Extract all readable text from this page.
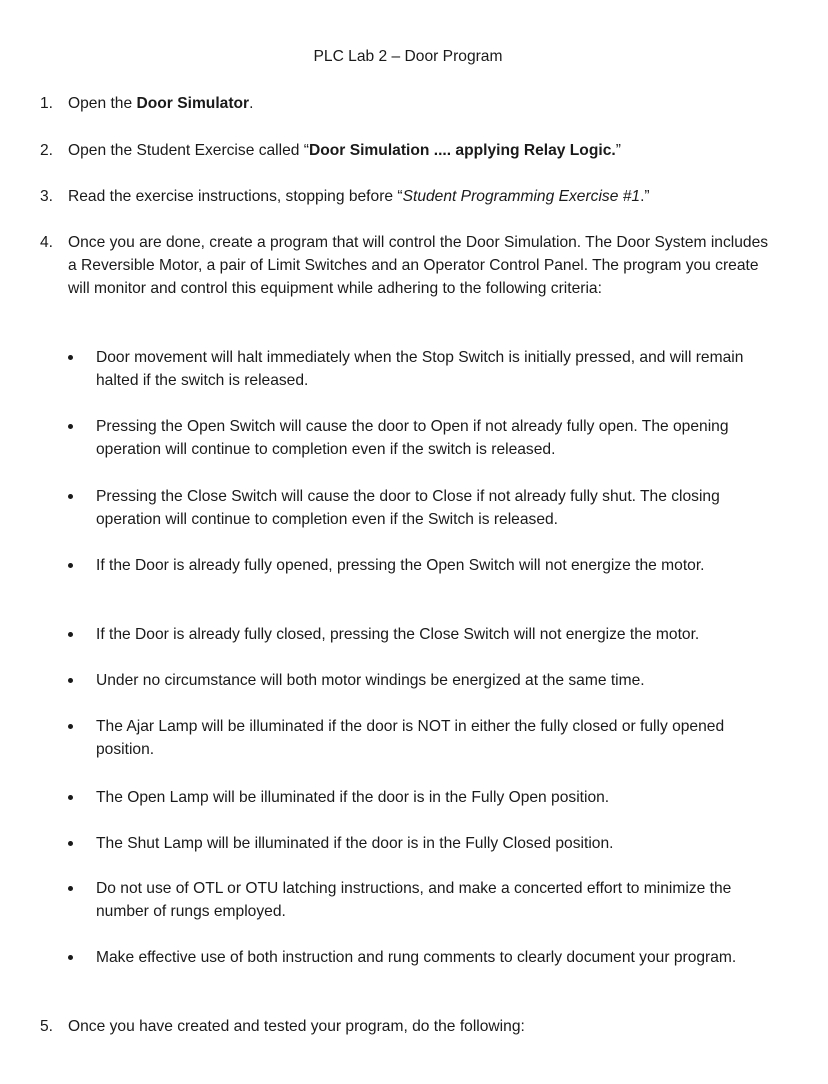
PLC Lab 2 – Door Program
1. Open the Door Simulator.
2. Open the Student Exercise called “Door Simulation .... applying Relay Logic.”
3. Read the exercise instructions, stopping before “Student Programming Exercise #1.”
4. Once you are done, create a program that will control the Door Simulation. The Door System includes a Reversible Motor, a pair of Limit Switches and an Operator Control Panel. The program you create will monitor and control this equipment while adhering to the following criteria:
Door movement will halt immediately when the Stop Switch is initially pressed, and will remain halted if the switch is released.
Pressing the Open Switch will cause the door to Open if not already fully open. The opening operation will continue to completion even if the switch is released.
Pressing the Close Switch will cause the door to Close if not already fully shut. The closing operation will continue to completion even if the Switch is released.
If the Door is already fully opened, pressing the Open Switch will not energize the motor.
If the Door is already fully closed, pressing the Close Switch will not energize the motor.
Under no circumstance will both motor windings be energized at the same time.
The Ajar Lamp will be illuminated if the door is NOT in either the fully closed or fully opened position.
The Open Lamp will be illuminated if the door is in the Fully Open position.
The Shut Lamp will be illuminated if the door is in the Fully Closed position.
Do not use of OTL or OTU latching instructions, and make a concerted effort to minimize the number of rungs employed.
Make effective use of both instruction and rung comments to clearly document your program.
5. Once you have created and tested your program, do the following:
